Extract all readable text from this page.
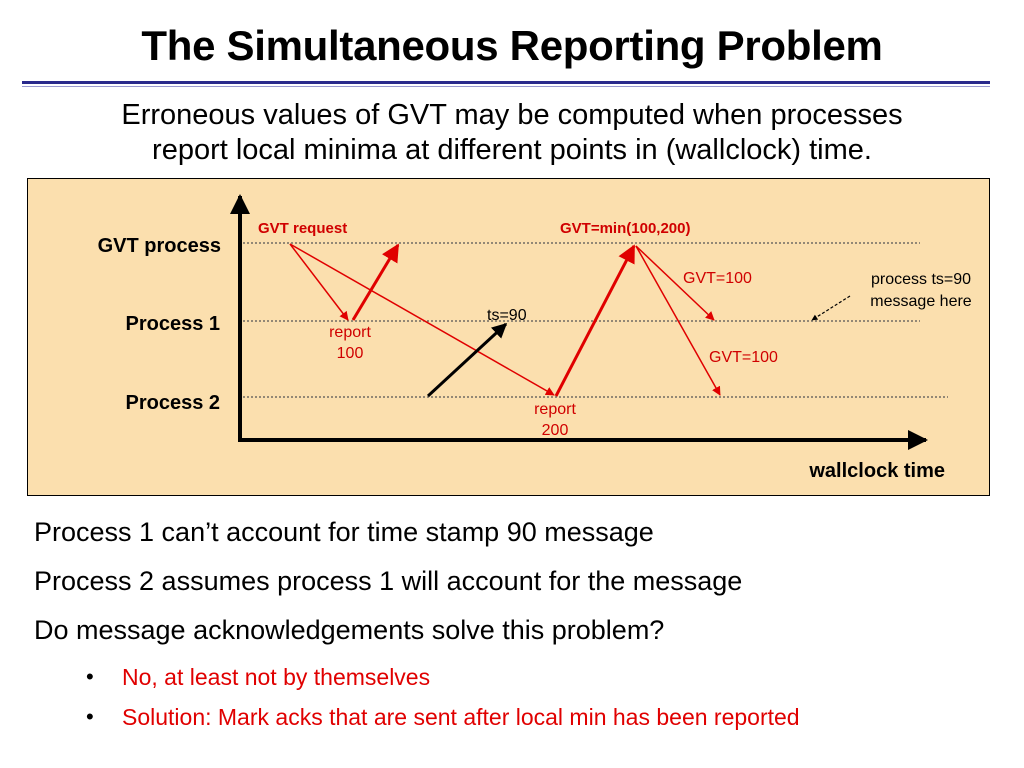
The Simultaneous Reporting Problem
Erroneous values of GVT may be computed when processes
report local minima at different points in (wallclock) time.
GVT process
Process 1
Process 2
GVT request	GVT=min(100,200)
report
100
report
200
ts=90
GVT=100
GVT=100
process ts=90
message here
wallclock time
Process 1 can’t account for time stamp 90 message
Process 2 assumes process 1 will account for the message
Do message acknowledgements solve this problem?
• No, at least not by themselves
• Solution: Mark acks that are sent after local min has been reported
